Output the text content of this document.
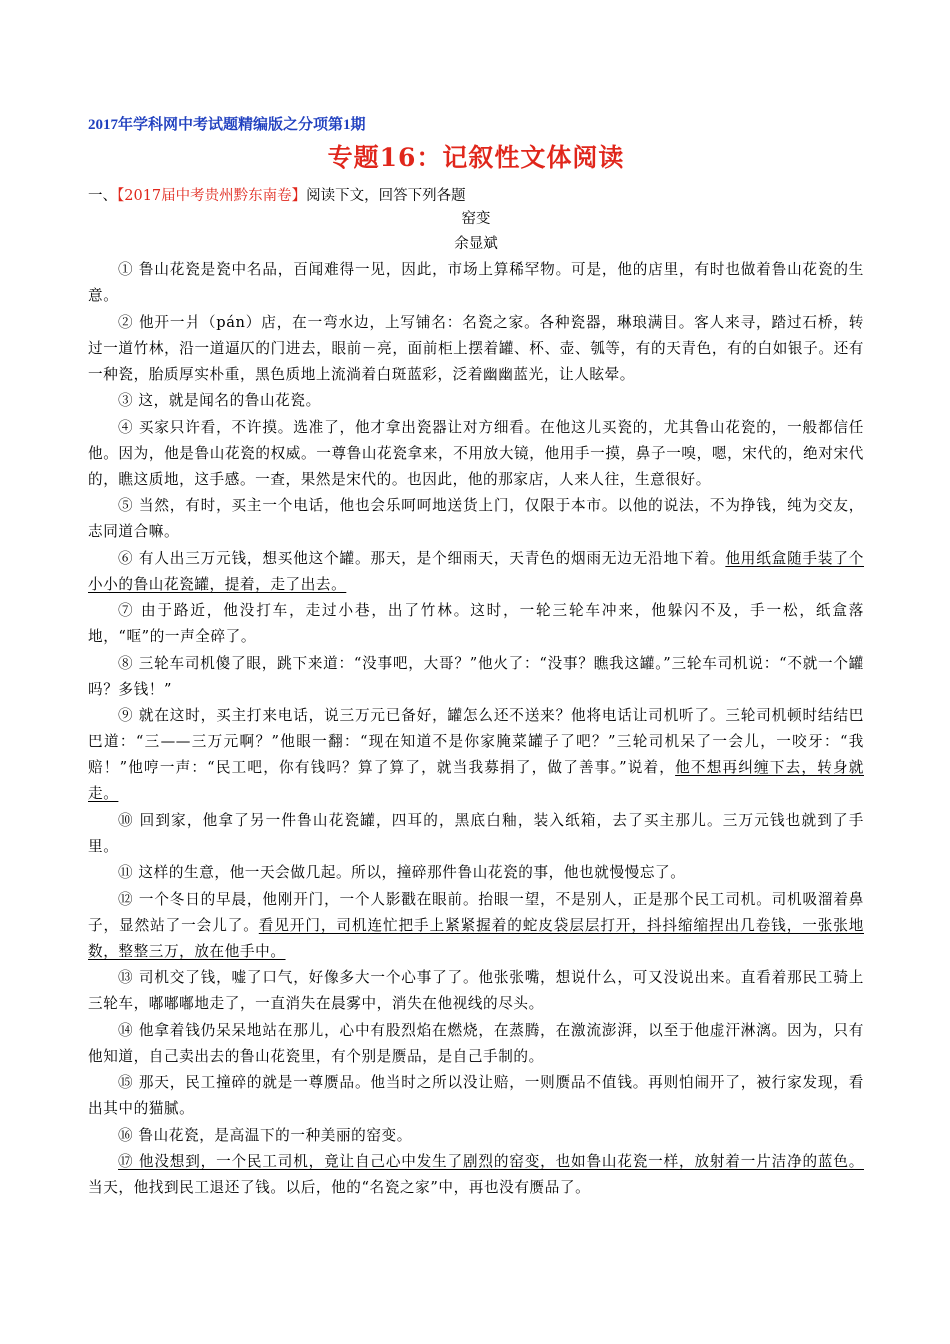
2017年学科网中考试题精编版之分项第1期
专题16：记叙性文体阅读
一、【2017届中考贵州黔东南卷】阅读下文，回答下列各题
窑变
余显斌

① 鲁山花瓷是瓷中名品，百闻难得一见，因此，市场上算稀罕物。可是，他的店里，有时也做着鲁山花瓷的生意。

② 他开一爿（pán）店，在一弯水边，上写铺名：名瓷之家。各种瓷器，琳琅满目。客人来寻，踏过石桥，转过一道竹林，沿一道逼仄的门进去，眼前－亮，面前柜上摆着罐、杯、壶、瓠等，有的天青色，有的白如银子。还有一种瓷，胎质厚实朴重，黑色质地上流淌着白斑蓝彩，泛着幽幽蓝光，让人眩晕。

③ 这，就是闻名的鲁山花瓷。

④ 买家只许看，不许摸。选准了，他才拿出瓷器让对方细看。在他这儿买瓷的，尤其鲁山花瓷的，一般都信任他。因为，他是鲁山花瓷的权威。一尊鲁山花瓷拿来，不用放大镜，他用手一摸，鼻子一嗅，嗯，宋代的，绝对宋代的，瞧这质地，这手感。一查，果然是宋代的。也因此，他的那家店，人来人往，生意很好。

⑤ 当然，有时，买主一个电话，他也会乐呵呵地送货上门，仅限于本市。以他的说法，不为挣钱，纯为交友，志同道合嘛。

⑥ 有人出三万元钱，想买他这个罐。那天，是个细雨天，天青色的烟雨无边无沿地下着。他用纸盒随手装了个小小的鲁山花瓷罐，提着，走了出去。

⑦ 由于路近，他没打车，走过小巷，出了竹林。这时，一轮三轮车冲来，他躲闪不及，手一松，纸盒落地，“哐”的一声全碎了。

⑧ 三轮车司机傻了眼，跳下来道：“没事吧，大哥？”他火了：“没事？瞧我这罐。”三轮车司机说：“不就一个罐吗？多钱！”

⑨ 就在这时，买主打来电话，说三万元已备好，罐怎么还不送来？他将电话让司机听了。三轮司机顿时结结巴巴道：“三——三万元啊？”他眼一翻：“现在知道不是你家腌菜罐子了吧？”三轮司机呆了一会儿，一咬牙：“我赔！”他哼一声：“民工吧，你有钱吗？算了算了，就当我募捐了，做了善事。”说着，他不想再纠缠下去，转身就走。

⑩ 回到家，他拿了另一件鲁山花瓷罐，四耳的，黑底白釉，装入纸箱，去了买主那儿。三万元钱也就到了手里。

⑪ 这样的生意，他一天会做几起。所以，撞碎那件鲁山花瓷的事，他也就慢慢忘了。

⑫ 一个冬日的早晨，他刚开门，一个人影戳在眼前。抬眼一望，不是别人，正是那个民工司机。司机吸溜着鼻子，显然站了一会儿了。看见开门，司机连忙把手上紧紧握着的蛇皮袋层层打开，抖抖缩缩捏出几卷钱，一张张地数，整整三万，放在他手中。

⑬ 司机交了钱，嘘了口气，好像多大一个心事了了。他张张嘴，想说什么，可又没说出来。直看着那民工骑上三轮车，嘟嘟嘟地走了，一直消失在晨雾中，消失在他视线的尽头。

⑭ 他拿着钱仍呆呆地站在那儿，心中有股烈焰在燃烧，在蒸腾，在激流澎湃，以至于他虚汗淋漓。因为，只有他知道，自己卖出去的鲁山花瓷里，有个别是赝品，是自己手制的。

⑮ 那天，民工撞碎的就是一尊赝品。他当时之所以没让赔，一则赝品不值钱。再则怕闹开了，被行家发现，看出其中的猫腻。

⑯ 鲁山花瓷，是高温下的一种美丽的窑变。

⑰ 他没想到，一个民工司机，竟让自己心中发生了剧烈的窑变，也如鲁山花瓷一样，放射着一片洁净的蓝色。当天，他找到民工退还了钱。以后，他的“名瓷之家”中，再也没有赝品了。
